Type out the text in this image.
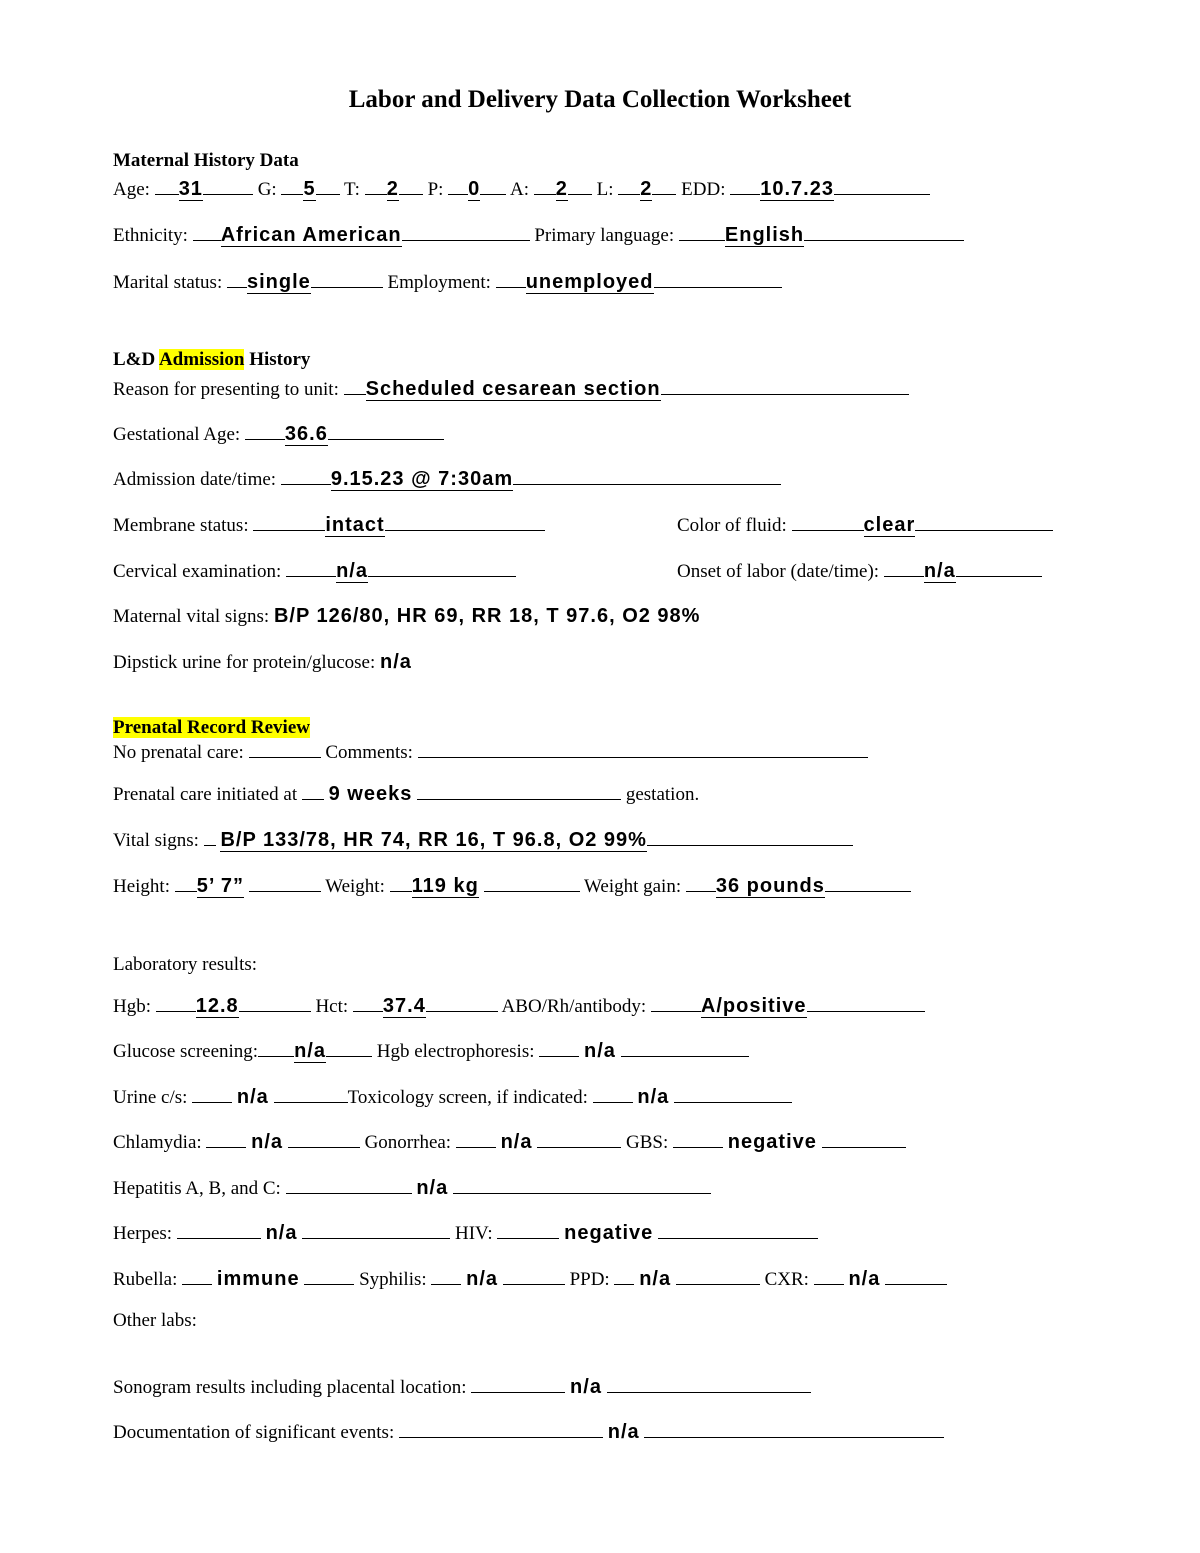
Labor and Delivery Data Collection Worksheet
Maternal History Data
Age: 31	G: 5 T: 2 P: 0 A: 2 L: 2 EDD: 10.7.23
Ethnicity: African American	Primary language:	English
Marital status: single	Employment: unemployed
L&D Admission History
Reason for presenting to unit: Scheduled cesarean section
Gestational Age: 36.6
Admission date/time:	9.15.23 @ 7:30am
Membrane status:	intact	Color of fluid:	clear
Cervical examination:	n/a	Onset of labor (date/time): n/a
Maternal vital signs: B/P 126/80, HR 69, RR 18, T 97.6, O2 98%
Dipstick urine for protein/glucose: n/a
Prenatal Record Review
No prenatal care:	Comments:
Prenatal care initiated at 9 weeks	gestation.
Vital signs: B/P 133/78, HR 74, RR 16, T 96.8, O2 99%
Height: 5’ 7”	Weight: 119 kg	Weight gain: 36 pounds
Laboratory results:
Hgb: 12.8	Hct: 37.4	ABO/Rh/antibody:	A/positive
Glucose screening: n/a	Hgb electrophoresis: n/a
Urine c/s: n/a	Toxicology screen, if indicated: n/a
Chlamydia: n/a	Gonorrhea: n/a	GBS:	negative
Hepatitis A, B, and C:	n/a
Herpes:	n/a	HIV:	negative
Rubella: immune	Syphilis: n/a	PPD: n/a	CXR: n/a
Other labs:
Sonogram results including placental location:	n/a
Documentation of significant events:	n/a
